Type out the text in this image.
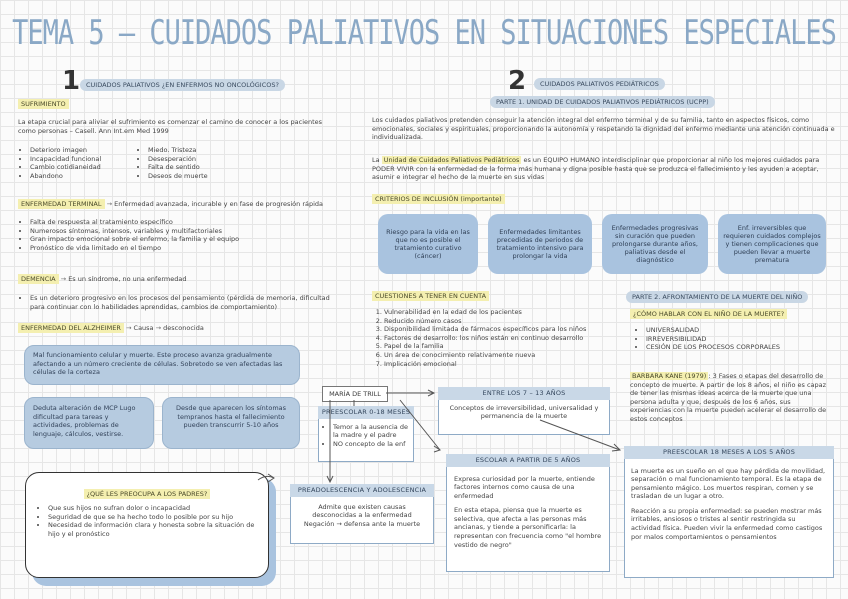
TEMA 5 – CUIDADOS PALIATIVOS EN SITUACIONES ESPECIALES
1 CUIDADOS PALIATIVOS ¿EN ENFERMOS NO ONCOLÓGICOS?
SUFRIMIENTO
La etapa crucial para aliviar el sufrimiento es comenzar el camino de conocer a los pacientes como personas – Casell. Ann Int.em Med 1999
• Deterioro imagen
• Incapacidad funcional
• Cambio cotidianeidad
• Abandono
• Miedo. Tristeza
• Desesperación
• Falta de sentido
• Deseos de muerte
ENFERMEDAD TERMINAL → Enfermedad avanzada, incurable y en fase de progresión rápida
• Falta de respuesta al tratamiento específico
• Numerosos síntomas, intensos, variables y multifactoriales
• Gran impacto emocional sobre el enfermo, la familia y el equipo
• Pronóstico de vida limitado en el tiempo
DEMENCIA → Es un síndrome, no una enfermedad
• Es un deterioro progresivo en los procesos del pensamiento (pérdida de memoria, dificultad para continuar con lo habilidades aprendidas, cambios de comportamiento)
ENFERMEDAD DEL ALZHEIMER → Causa → desconocida
Mal funcionamiento celular y muerte. Este proceso avanza gradualmente afectando a un número creciente de células. Sobretodo se ven afectadas las células de la corteza
Deduta alteración de MCP Lugo dificultad para tareas y actividades, problemas de lenguaje, cálculos, vestirse.
Desde que aparecen los síntomas tempranos hasta el fallecimiento pueden transcurrir 5-10 años
¿QUÉ LES PREOCUPA A LOS PADRES?
• Que sus hijos no sufran dolor o incapacidad
• Seguridad de que se ha hecho todo lo posible por su hijo
• Necesidad de información clara y honesta sobre la situación de hijo y el pronóstico
2	CUIDADOS PALIATIVOS PEDIÁTRICOS
PARTE 1. UNIDAD DE CUIDADOS PALIATIVOS PEDIÁTRICOS (UCPP)
Los cuidados paliativos pretenden conseguir la atención integral del enfermo terminal y de su familia, tanto en aspectos físicos, como emocionales, sociales y espirituales, proporcionando la autonomía y respetando la dignidad del enfermo mediante una atención continuada e individualizada.
La Unidad de Cuidados Paliativos Pediátricos es un EQUIPO HUMANO interdisciplinar que proporcionar al niño los mejores cuidados para PODER VIVIR con la enfermedad de la forma más humana y digna posible hasta que se produzca el fallecimiento y les ayuden a aceptar, asumir e integrar el hecho de la muerte en sus vidas
CRITERIOS DE INCLUSIÓN (importante)
Riesgo para la vida en las que no es posible el tratamiento curativo (cáncer)
Enfermedades limitantes precedidas de periodos de tratamiento intensivo para prolongar la vida
Enfermedades progresivas sin curación que pueden prolongarse durante años, paliativas desde el diagnóstico
Enf. irreversibles que requieren cuidados complejos y tienen complicaciones que pueden llevar a muerte prematura
CUESTIONES A TENER EN CUENTA
1. Vulnerabilidad en la edad de los pacientes
2. Reducido número casos
3. Disponibilidad limitada de fármacos específicos para los niños
4. Factores de desarrollo: los niños están en continuo desarrollo
5. Papel de la familia
6. Un área de conocimiento relativamente nueva
7. Implicación emocional
PARTE 2. AFRONTAMIENTO DE LA MUERTE DEL NIÑO
¿CÓMO HABLAR CON EL NIÑO DE LA MUERTE?
• UNIVERSALIDAD
• IRREVERSIBILIDAD
• CESIÓN DE LOS PROCESOS CORPORALES
BARBARA KANE (1979) : 3 Fases o etapas del desarrollo de concepto de muerte. A partir de los 8 años, el niño es capaz de tener las mismas ideas acerca de la muerte que una persona adulta y que, después de los 6 años, sus experiencias con la muerte pueden acelerar el desarrollo de estos conceptos
MARÍA DE TRILL
PREESCOLAR 0-18 MESES
• Temor a la ausencia de la madre y el padre
• NO concepto de la enf
ENTRE LOS 7 – 13 AÑOS
Conceptos de irreversibilidad, universalidad y permanencia de la muerte
ESCOLAR A PARTIR DE 5 AÑOS
Expresa curiosidad por la muerte, entiende factores internos como causa de una enfermedad
En esta etapa, piensa que la muerte es selectiva, que afecta a las personas más ancianas, y tiende a personificarla: la representan con frecuencia como "el hombre vestido de negro"
PREADOLESCENCIA Y ADOLESCENCIA
Admite que existen causas desconocidas a la enfermedad Negación → defensa ante la muerte
PREESCOLAR 18 MESES A LOS 5 AÑOS
La muerte es un sueño en el que hay pérdida de movilidad, separación o mal funcionamiento temporal. Es la etapa de pensamiento mágico. Los muertos respiran, comen y se trasladan de un lugar a otro.
Reacción a su propia enfermedad: se pueden mostrar más irritables, ansiosos o tristes al sentir restringida su actividad física. Pueden vivir la enfermedad como castigos por malos comportamientos o pensamientos
